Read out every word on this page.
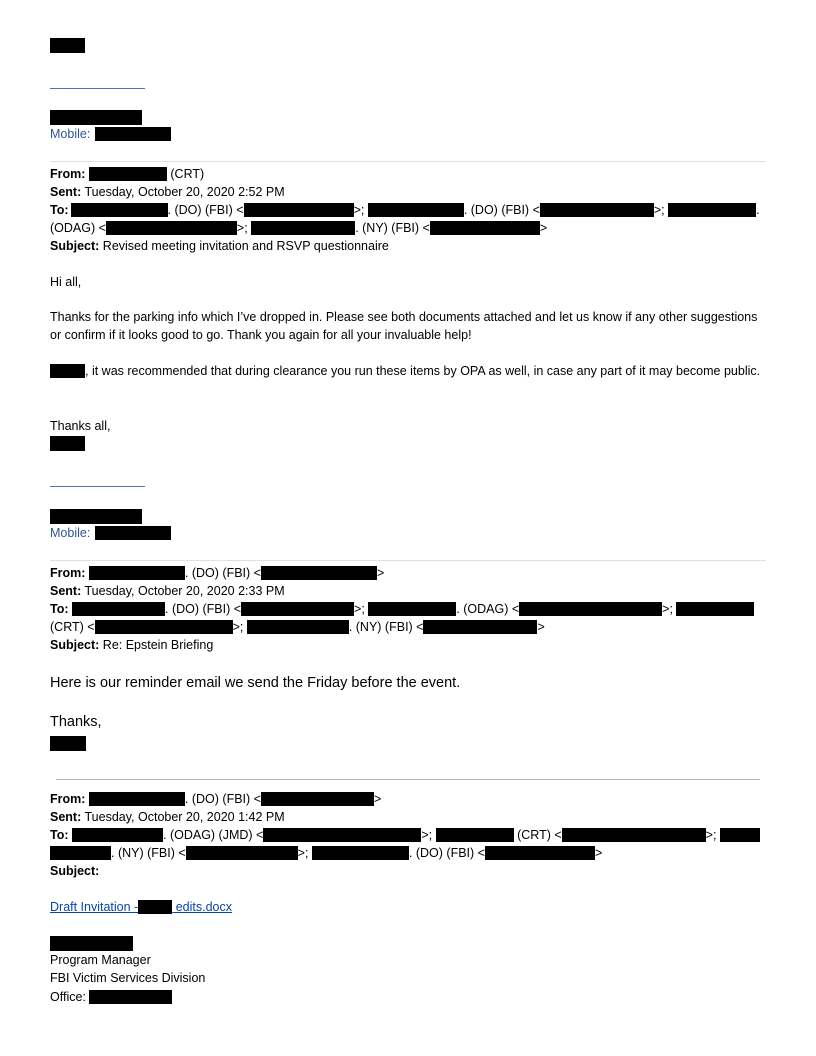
Mobile:
From:	(CRT)
Sent: Tuesday, October 20, 2020 2:52 PM
To:	. (DO) (FBI) <	>;	. (DO) (FBI) <	>;	.
(ODAG) <	>;	. (NY) (FBI) <	>
Subject: Revised meeting invitation and RSVP questionnaire
Hi all,
Thanks for the parking info which I’ve dropped in. Please see both documents attached and let us know if any other suggestions or confirm if it looks good to go. Thank you again for all your invaluable help!
, it was recommended that during clearance you run these items by OPA as well, in case any part of it may become public.
Thanks all,
Mobile:
From:	. (DO) (FBI) <	>
Sent: Tuesday, October 20, 2020 2:33 PM
To:	. (DO) (FBI) <	>;	. (ODAG) <	>;
(CRT) <	>;	. (NY) (FBI) <	>
Subject: Re: Epstein Briefing
Here is our reminder email we send the Friday before the event.
Thanks,
From:	. (DO) (FBI) <	>
Sent: Tuesday, October 20, 2020 1:42 PM
To:	. (ODAG) (JMD) <	>;	(CRT) <	>;
. (NY) (FBI) <	>;	. (DO) (FBI) <	>
Subject:
Draft Invitation -	edits.docx
Program Manager
FBI Victim Services Division
Office:
